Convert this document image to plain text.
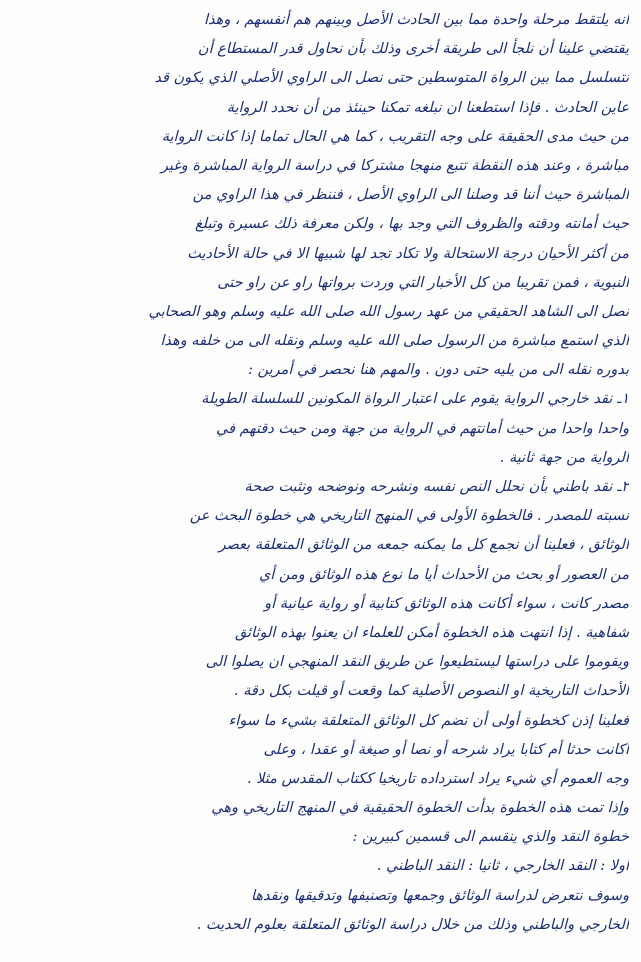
انه يلتقط مرحلة واحدة مما بين الحادث الأصل وبينهم هم أنفسهم ، وهذا
يقتضي علينا أن نلجأ الى طريقة أخرى وذلك بأن نحاول قدر المستطاع أن
نتسلسل مما بين الرواة المتوسطين حتى نصل الى الراوي الأصلي الذي يكون قد
عاين الحادث . فإذا استطعنا ان نبلغه تمكنا حينئذ من أن نحدد الرواية
من حيث مدى الحقيقة على وجه التقريب ، كما هي الحال تماما إذا كانت الرواية
مباشرة ، وعند هذه النقطة تتبع منهجا مشتركا في دراسة الرواية المباشرة وغير
المباشرة حيث أننا قد وصلنا الى الراوي الأصل ، فننظر في هذا الراوي من
حيث أمانته ودقته والظروف التي وجد بها ، ولكن معرفة ذلك عسيرة وتبلغ
من أكثر الأحيان درجة الاستحالة ولا تكاد تجد لها شبيها الا في حالة الأحاديث
النبوية ، فمن تقريبا من كل الأخبار التي وردت برواتها راو عن راو حتى
نصل الى الشاهد الحقيقي من عهد رسول الله صلى الله عليه وسلم وهو الصحابي
الذي استمع مباشرة من الرسول صلى الله عليه وسلم ونقله الى من خلفه وهذا
بدوره نقله الى من يليه حتى دون . والمهم هنا نحصر في أمرين :
١ـ نقد خارجي الرواية يقوم على اعتبار الرواة المكونين للسلسلة الطويلة
واحدا واحدا من حيث أمانتهم في الرواية من جهة ومن حيث دقتهم في
الرواية من جهة ثانية .
٢ـ نقد باطني بأن نحلل النص نفسه ونشرحه ونوضحه ونثبت صحة
نسبته للمصدر . فالخطوة الأولى في المنهج التاريخي هي خطوة البحث عن
الوثائق ، فعلينا أن نجمع كل ما يمكنه جمعه من الوثائق المتعلقة بعصر
من العصور أو بحث من الأحداث أيا ما نوع هذه الوثائق ومن أي
مصدر كانت ، سواء أكانت هذه الوثائق كتابية أو رواية عيانية أو
شفاهية . إذا انتهت هذه الخطوة أمكن للعلماء ان يعنوا بهذه الوثائق
ويقوموا على دراستها ليستطيعوا عن طريق النقد المنهجي ان يصلوا الى
الأحداث التاريخية او النصوص الأصلية كما وقعت أو قيلت بكل دقة .
فعلينا إذن كخطوة أولى أن نضم كل الوثائق المتعلقة بشيء ما سواء
أكانت حدثا أم كتابا يراد شرحه أو نصا أو صيغة أو عقدا ، وعلى
وجه العموم أي شيء يراد استرداده تاريخيا ككتاب المقدس مثلا .
وإذا تمت هذه الخطوة بدأت الخطوة الحقيقية في المنهج التاريخي وهي
خطوة النقد والذي ينقسم الى قسمين كبيرين :
أولا : النقد الخارجي ، ثانيا : النقد الباطني .
وسوف نتعرض لدراسة الوثائق وجمعها وتصنيفها وتدقيقها ونقدها
الخارجي والباطني وذلك من خلال دراسة الوثائق المتعلقة بعلوم الحديث .
